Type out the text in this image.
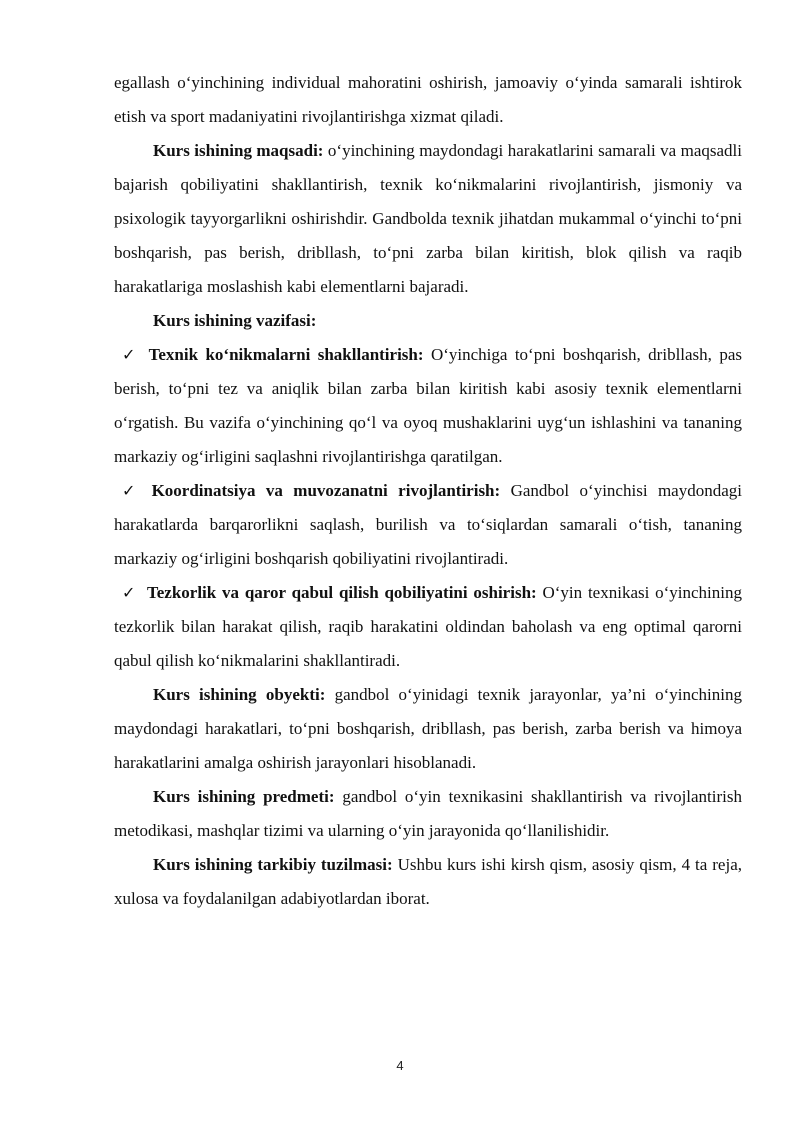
egallash o‘yinchining individual mahoratini oshirish, jamoaviy o‘yinda samarali ishtirok etish va sport madaniyatini rivojlantirishga xizmat qiladi.

Kurs ishining maqsadi: o‘yinchining maydondagi harakatlarini samarali va maqsadli bajarish qobiliyatini shakllantirish, texnik ko‘nikmalarini rivojlantirish, jismoniy va psixologik tayyorgarlikni oshirishdir. Gandbolda texnik jihatdan mukammal o‘yinchi to‘pni boshqarish, pas berish, dribllash, to‘pni zarba bilan kiritish, blok qilish va raqib harakatlariga moslashish kabi elementlarni bajaradi.

Kurs ishining vazifasi:

✓ Texnik ko‘nikmalarni shakllantirish: O‘yinchiga to‘pni boshqarish, dribllash, pas berish, to‘pni tez va aniqlik bilan zarba bilan kiritish kabi asosiy texnik elementlarni o‘rgatish. Bu vazifa o‘yinchining qo‘l va oyoq mushaklarini uyg‘un ishlashini va tananing markaziy og‘irligini saqlashni rivojlantirishga qaratilgan.

✓ Koordinatsiya va muvozanatni rivojlantirish: Gandbol o‘yinchisi maydondagi harakatlarda barqarorlikni saqlash, burilish va to‘siqlardan samarali o‘tish, tananing markaziy og‘irligini boshqarish qobiliyatini rivojlantiradi.

✓ Tezkorlik va qaror qabul qilish qobiliyatini oshirish: O‘yin texnikasi o‘yinchining tezkorlik bilan harakat qilish, raqib harakatini oldindan baholash va eng optimal qarorni qabul qilish ko‘nikmalarini shakllantiradi.

Kurs ishining obyekti: gandbol o‘yinidagi texnik jarayonlar, ya’ni o‘yinchining maydondagi harakatlari, to‘pni boshqarish, dribllash, pas berish, zarba berish va himoya harakatlarini amalga oshirish jarayonlari hisoblanadi.

Kurs ishining predmeti: gandbol o‘yin texnikasini shakllantirish va rivojlantirish metodikasi, mashqlar tizimi va ularning o‘yin jarayonida qo‘llanilishidir.

Kurs ishining tarkibiy tuzilmasi: Ushbu kurs ishi kirsh qism, asosiy qism, 4 ta reja, xulosa va foydalanilgan adabiyotlardan iborat.

4
